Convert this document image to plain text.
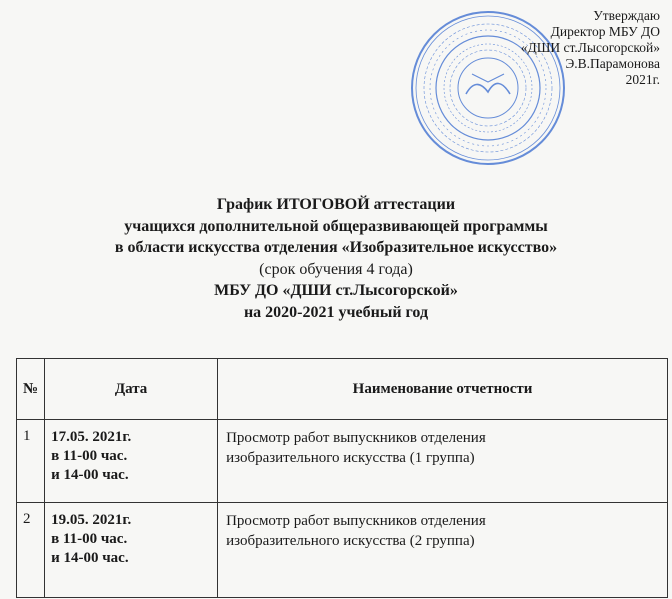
Утверждаю
Директор МБУ ДО
«ДШИ ст.Лысогорской»
Э.В.Парамонова
2021г.
График ИТОГОВОЙ аттестации
учащихся дополнительной общеразвивающей программы
в области искусства отделения «Изобразительное искусство»
(срок обучения 4 года)
МБУ ДО «ДШИ ст.Лысогорской»
на 2020-2021 учебный год
№	Дата	Наименование отчетности
1	17.05. 2021г.
в 11-00 час.
и 14-00 час.	Просмотр работ выпускников отделения
изобразительного искусства (1 группа)

2	19.05. 2021г.
в 11-00 час.
и 14-00 час.	Просмотр работ выпускников отделения
изобразительного искусства (2 группа)
